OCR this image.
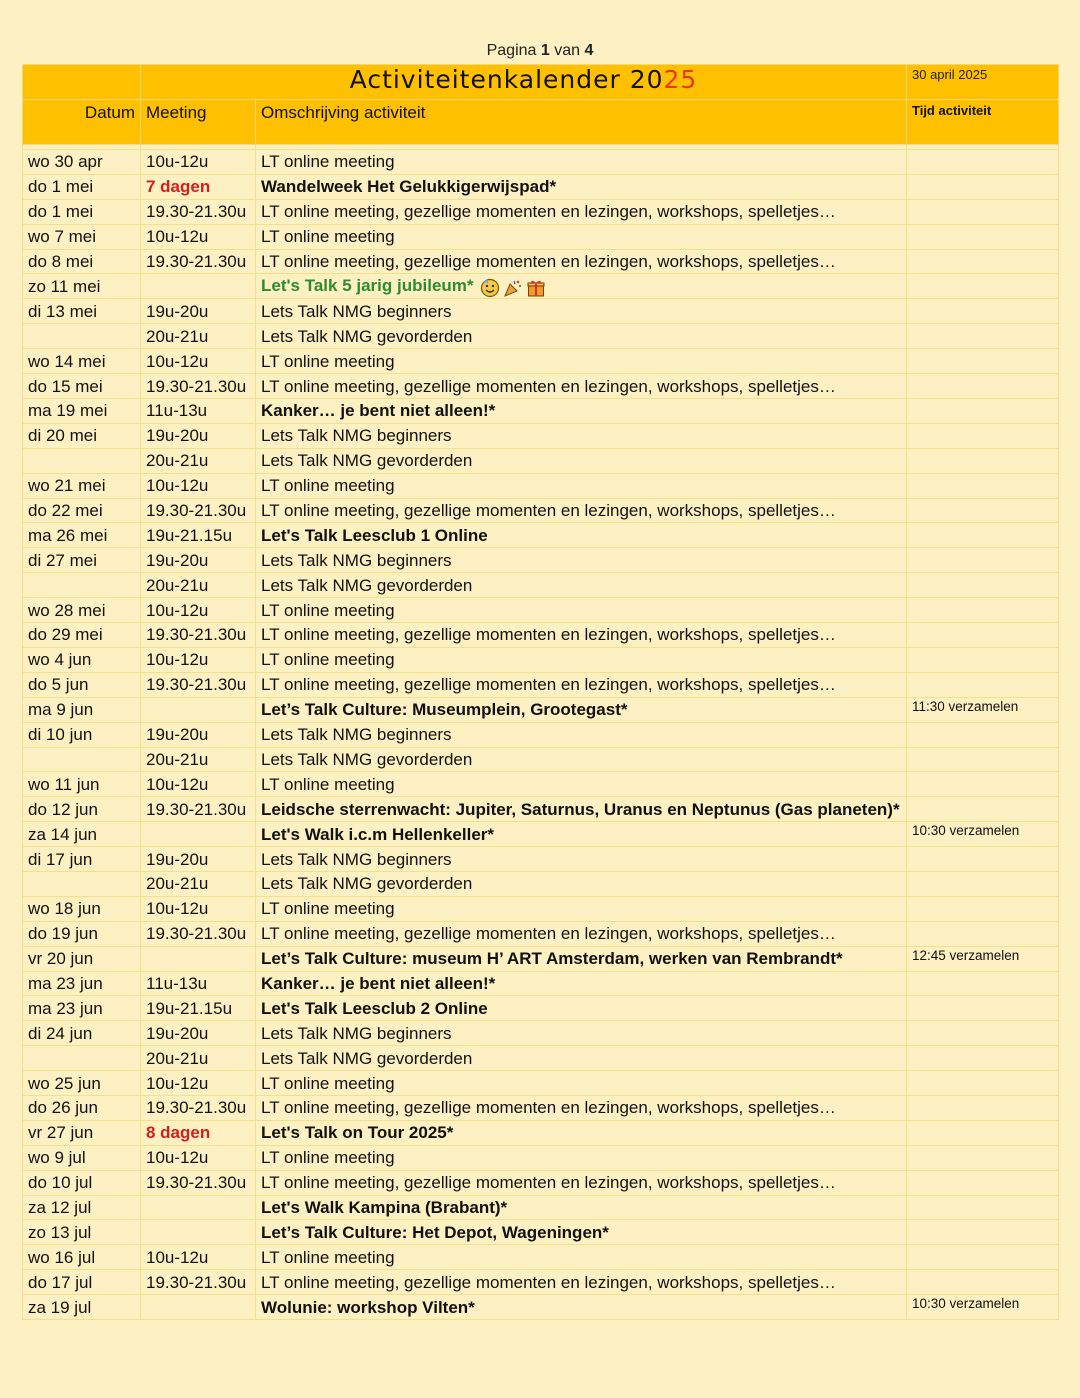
Pagina 1 van 4
	Activiteitenkalender 2025		30 april 2025
Datum	Meeting	Omschrijving activiteit	Tijd activiteit

wo 30 apr	10u-12u	LT online meeting	
do 1 mei	7 dagen	Wandelweek Het Gelukkigerwijspad*	
do 1 mei	19.30-21.30u	LT online meeting, gezellige momenten en lezingen, workshops, spelletjes…	
wo 7 mei	10u-12u	LT online meeting	
do 8 mei	19.30-21.30u	LT online meeting, gezellige momenten en lezingen, workshops, spelletjes…	
zo 11 mei		Let's Talk 5 jarig jubileum*	
di 13 mei	19u-20u	Lets Talk NMG beginners	
	20u-21u	Lets Talk NMG gevorderden	
wo 14 mei	10u-12u	LT online meeting	
do 15 mei	19.30-21.30u	LT online meeting, gezellige momenten en lezingen, workshops, spelletjes…	
ma 19 mei	11u-13u	Kanker… je bent niet alleen!*	
di 20 mei	19u-20u	Lets Talk NMG beginners	
	20u-21u	Lets Talk NMG gevorderden	
wo 21 mei	10u-12u	LT online meeting	
do 22 mei	19.30-21.30u	LT online meeting, gezellige momenten en lezingen, workshops, spelletjes…	
ma 26 mei	19u-21.15u	Let's Talk Leesclub 1 Online	
di 27 mei	19u-20u	Lets Talk NMG beginners	
	20u-21u	Lets Talk NMG gevorderden	
wo 28 mei	10u-12u	LT online meeting	
do 29 mei	19.30-21.30u	LT online meeting, gezellige momenten en lezingen, workshops, spelletjes…	
wo 4 jun	10u-12u	LT online meeting	
do 5 jun	19.30-21.30u	LT online meeting, gezellige momenten en lezingen, workshops, spelletjes…	
ma 9 jun		Let’s Talk Culture: Museumplein, Grootegast*	11:30 verzamelen
di 10 jun	19u-20u	Lets Talk NMG beginners	
	20u-21u	Lets Talk NMG gevorderden	
wo 11 jun	10u-12u	LT online meeting	
do 12 jun	19.30-21.30u	Leidsche sterrenwacht: Jupiter, Saturnus, Uranus en Neptunus (Gas planeten)*	
za 14 jun		Let's Walk i.c.m Hellenkeller*	10:30 verzamelen
di 17 jun	19u-20u	Lets Talk NMG beginners	
	20u-21u	Lets Talk NMG gevorderden	
wo 18 jun	10u-12u	LT online meeting	
do 19 jun	19.30-21.30u	LT online meeting, gezellige momenten en lezingen, workshops, spelletjes…	
vr 20 jun		Let’s Talk Culture: museum H’ ART Amsterdam, werken van Rembrandt*	12:45 verzamelen
ma 23 jun	11u-13u	Kanker… je bent niet alleen!*	
ma 23 jun	19u-21.15u	Let's Talk Leesclub 2 Online	
di 24 jun	19u-20u	Lets Talk NMG beginners	
	20u-21u	Lets Talk NMG gevorderden	
wo 25 jun	10u-12u	LT online meeting	
do 26 jun	19.30-21.30u	LT online meeting, gezellige momenten en lezingen, workshops, spelletjes…	
vr 27 jun	8 dagen	Let's Talk on Tour 2025*	
wo 9 jul	10u-12u	LT online meeting	
do 10 jul	19.30-21.30u	LT online meeting, gezellige momenten en lezingen, workshops, spelletjes…	
za 12 jul		Let's Walk Kampina (Brabant)*	
zo 13 jul		Let’s Talk Culture: Het Depot, Wageningen*	
wo 16 jul	10u-12u	LT online meeting	
do 17 jul	19.30-21.30u	LT online meeting, gezellige momenten en lezingen, workshops, spelletjes…	
za 19 jul		Wolunie: workshop Vilten*	10:30 verzamelen
